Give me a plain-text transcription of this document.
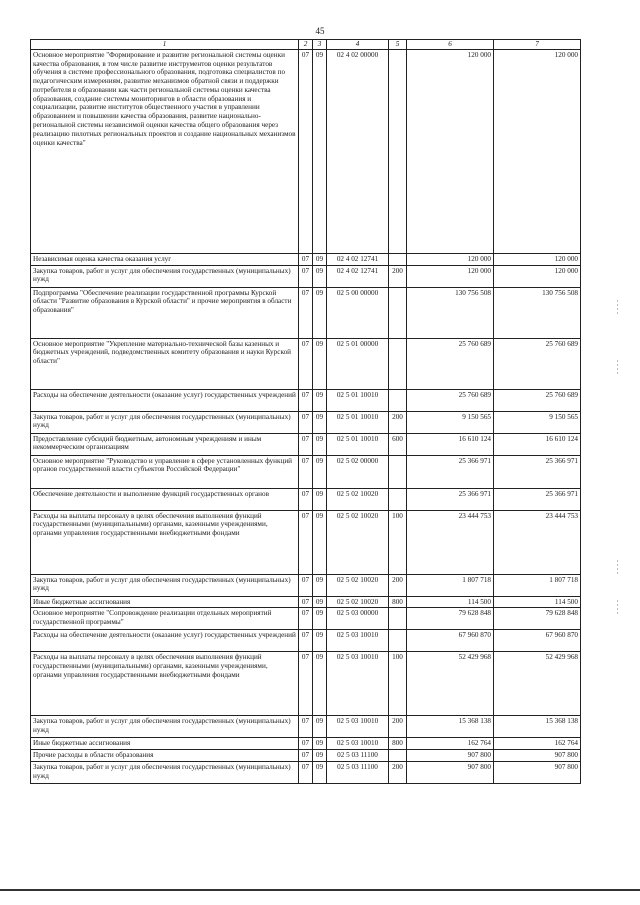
45
1	2	3	4	5	6	7
Основное мероприятие "Формирование и развитие региональной системы оценки качества образования, в том числе развитие инструментов оценки результатов обучения в системе профессионального образования, подготовка специалистов по педагогическим измерениям, развитие механизмов обратной связи и поддержки потребителя в образовании как части региональной системы оценки качества образования, создание системы мониторингов в области образования и социализации, развитие институтов общественного участия в управлении образованием и повышении качества образования, развитие национально- региональной системы независимой оценки качества общего образования через реализацию пилотных региональных проектов и создание национальных механизмов оценки качества"	07	09	02 4 02 00000		120 000	120 000
Независимая оценка качества оказания услуг	07	09	02 4 02 12741		120 000	120 000
Закупка товаров, работ и услуг для обеспечения государственных (муниципальных) нужд	07	09	02 4 02 12741	200	120 000	120 000
Подпрограмма "Обеспечение реализации государственной программы Курской области "Развитие образования в Курской области" и прочие мероприятия в области образования"	07	09	02 5 00 00000		130 756 508	130 756 508
Основное мероприятие "Укрепление материально-технической базы казенных и бюджетных учреждений, подведомственных комитету образования и науки Курской области"	07	09	02 5 01 00000		25 760 689	25 760 689
Расходы на обеспечение деятельности (оказание услуг) государственных учреждений	07	09	02 5 01 10010		25 760 689	25 760 689
Закупка товаров, работ и услуг для обеспечения государственных (муниципальных) нужд	07	09	02 5 01 10010	200	9 150 565	9 150 565
Предоставление субсидий бюджетным, автономным учреждениям и иным некоммерческим организациям	07	09	02 5 01 10010	600	16 610 124	16 610 124
Основное мероприятие "Руководство и управление в сфере установленных функций органов государственной власти субъектов Российской Федерации"	07	09	02 5 02 00000		25 366 971	25 366 971
Обеспечение деятельности и выполнение функций государственных органов	07	09	02 5 02 10020		25 366 971	25 366 971
Расходы на выплаты персоналу в целях обеспечения выполнения функций государственными (муниципальными) органами, казенными учреждениями, органами управления государственными внебюджетными фондами	07	09	02 5 02 10020	100	23 444 753	23 444 753
Закупка товаров, работ и услуг для обеспечения государственных (муниципальных) нужд	07	09	02 5 02 10020	200	1 807 718	1 807 718
Иные бюджетные ассигнования	07	09	02 5 02 10020	800	114 500	114 500
Основное мероприятие "Сопровождение реализации отдельных мероприятий государственной программы"	07	09	02 5 03 00000		79 628 848	79 628 848
Расходы на обеспечение деятельности (оказание услуг) государственных учреждений	07	09	02 5 03 10010		67 960 870	67 960 870
Расходы на выплаты персоналу в целях обеспечения выполнения функций государственными (муниципальными) органами, казенными учреждениями, органами управления государственными внебюджетными фондами	07	09	02 5 03 10010	100	52 429 968	52 429 968
Закупка товаров, работ и услуг для обеспечения государственных (муниципальных) нужд	07	09	02 5 03 10010	200	15 368 138	15 368 138
Иные бюджетные ассигнования	07	09	02 5 03 10010	800	162 764	162 764
Прочие расходы в области образования	07	09	02 5 03 11100		907 800	907 800
Закупка товаров, работ и услуг для обеспечения государственных (муниципальных) нужд	07	09	02 5 03 11100	200	907 800	907 800
